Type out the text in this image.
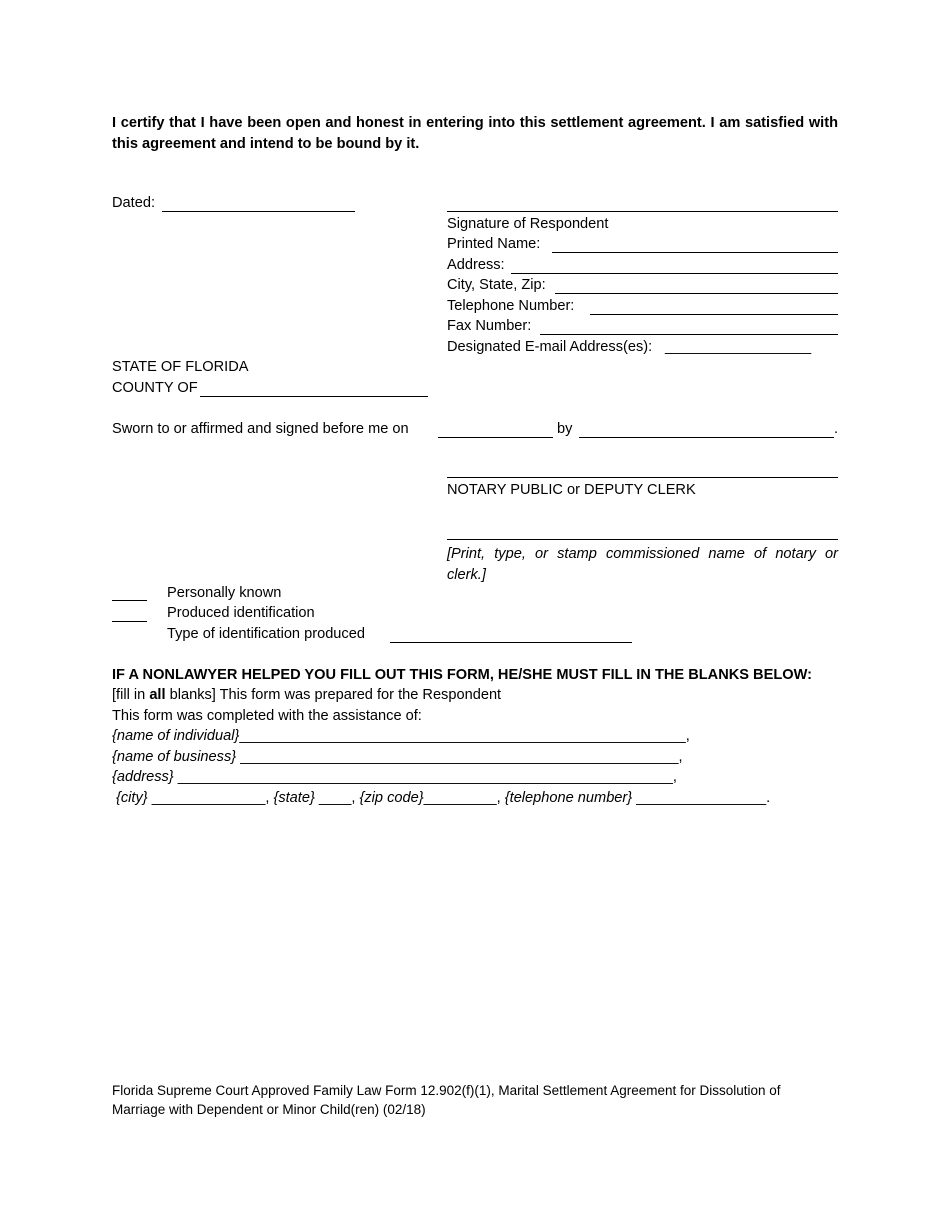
I certify that I have been open and honest in entering into this settlement agreement. I am satisfied with this agreement and intend to be bound by it.
Dated:
Signature of Respondent
Printed Name:
Address:
City, State, Zip:
Telephone Number:
Fax Number:
Designated E-mail Address(es): __________________
STATE OF FLORIDA
COUNTY OF
Sworn to or affirmed and signed before me on	by	.
NOTARY PUBLIC or DEPUTY CLERK
[Print, type, or stamp commissioned name of notary or clerk.]
Personally known
Produced identification
Type of identification produced
IF A NONLAWYER HELPED YOU FILL OUT THIS FORM, HE/SHE MUST FILL IN THE BLANKS BELOW:
[fill in all blanks] This form was prepared for the Respondent
This form was completed with the assistance of:
{name of individual}_______________________________________________________,
{name of business} ______________________________________________________,
{address} _____________________________________________________________,
{city} ______________, {state} ____, {zip code}_________, {telephone number} ________________.
Florida Supreme Court Approved Family Law Form 12.902(f)(1), Marital Settlement Agreement for Dissolution of Marriage with Dependent or Minor Child(ren) (02/18)
